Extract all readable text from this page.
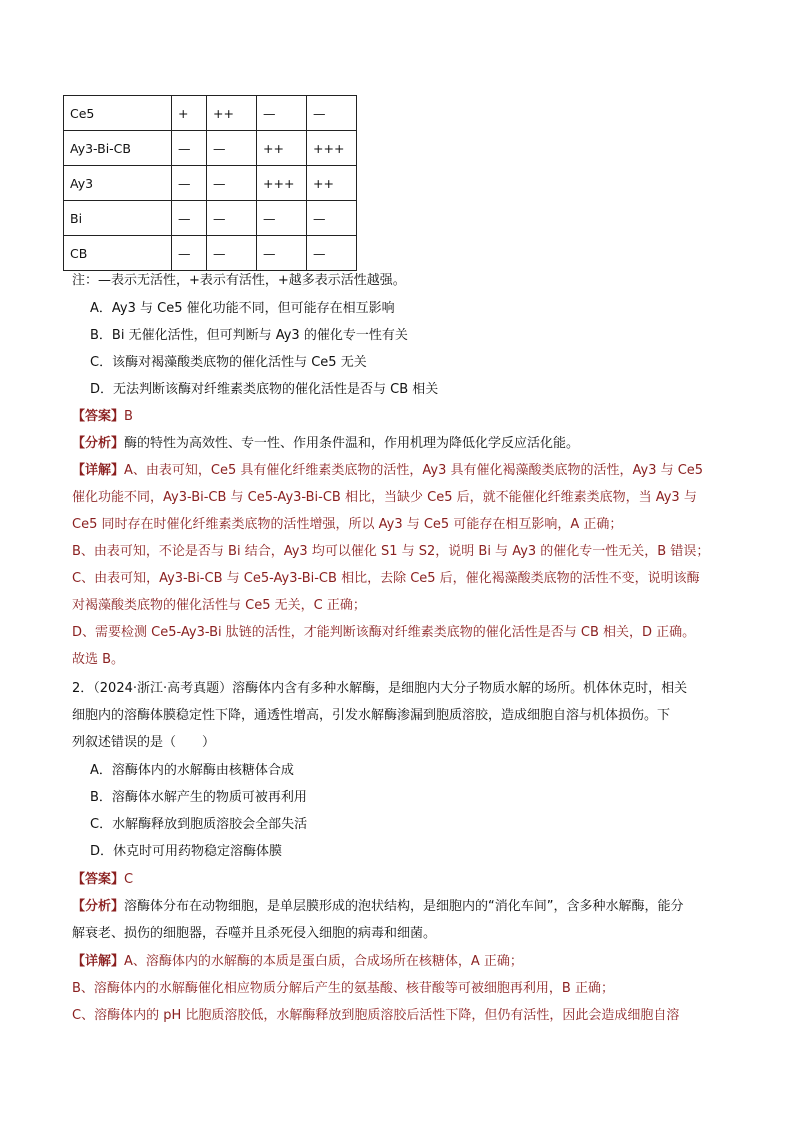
Ce5	+	++	—	—
Ay3-Bi-CB	—	—	++	+++
Ay3	—	—	+++	++
Bi	—	—	—	—
CB	—	—	—	—
注：—表示无活性，+表示有活性，+越多表示活性越强。
A．Ay3 与 Ce5 催化功能不同，但可能存在相互影响
B．Bi 无催化活性，但可判断与 Ay3 的催化专一性有关
C．该酶对褐藻酸类底物的催化活性与 Ce5 无关
D．无法判断该酶对纤维素类底物的催化活性是否与 CB 相关
【答案】B
【分析】酶的特性为高效性、专一性、作用条件温和，作用机理为降低化学反应活化能。
【详解】A、由表可知，Ce5 具有催化纤维素类底物的活性，Ay3 具有催化褐藻酸类底物的活性，Ay3 与 Ce5
催化功能不同，Ay3-Bi-CB 与 Ce5-Ay3-Bi-CB 相比，当缺少 Ce5 后，就不能催化纤维素类底物，当 Ay3 与
Ce5 同时存在时催化纤维素类底物的活性增强，所以 Ay3 与 Ce5 可能存在相互影响，A 正确；
B、由表可知，不论是否与 Bi 结合，Ay3 均可以催化 S1 与 S2，说明 Bi 与 Ay3 的催化专一性无关，B 错误；
C、由表可知，Ay3-Bi-CB 与 Ce5-Ay3-Bi-CB 相比，去除 Ce5 后，催化褐藻酸类底物的活性不变，说明该酶
对褐藻酸类底物的催化活性与 Ce5 无关，C 正确；
D、需要检测 Ce5-Ay3-Bi 肽链的活性，才能判断该酶对纤维素类底物的催化活性是否与 CB 相关，D 正确。
故选 B。
2．（2024·浙江·高考真题）溶酶体内含有多种水解酶，是细胞内大分子物质水解的场所。机体休克时，相关
细胞内的溶酶体膜稳定性下降，通透性增高，引发水解酶渗漏到胞质溶胶，造成细胞自溶与机体损伤。下
列叙述错误的是（　　）
A．溶酶体内的水解酶由核糖体合成
B．溶酶体水解产生的物质可被再利用
C．水解酶释放到胞质溶胶会全部失活
D．休克时可用药物稳定溶酶体膜
【答案】C
【分析】溶酶体分布在动物细胞，是单层膜形成的泡状结构，是细胞内的“消化车间”，含多种水解酶，能分
解衰老、损伤的细胞器，吞噬并且杀死侵入细胞的病毒和细菌。
【详解】A、溶酶体内的水解酶的本质是蛋白质，合成场所在核糖体，A 正确；
B、溶酶体内的水解酶催化相应物质分解后产生的氨基酸、核苷酸等可被细胞再利用，B 正确；
C、溶酶体内的 pH 比胞质溶胶低，水解酶释放到胞质溶胶后活性下降，但仍有活性，因此会造成细胞自溶
